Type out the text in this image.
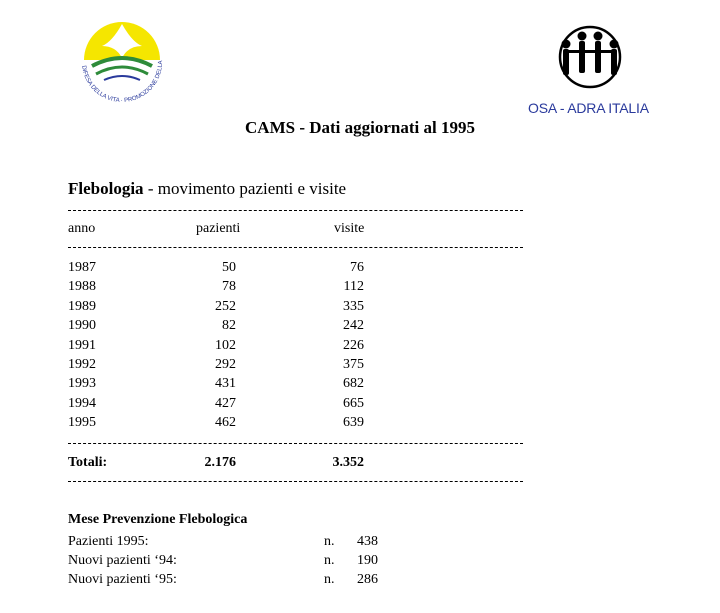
DIFESA DELLA VITA · PROMOZIONE DELLA
OSA - ADRA ITALIA
CAMS - Dati aggiornati al 1995
Flebologia - movimento pazienti e visite
anno	pazienti	visite
1987	50	76
1988	78	112
1989	252	335
1990	82	242
1991	102	226
1992	292	375
1993	431	682
1994	427	665
1995	462	639
Totali:	2.176	3.352
Mese Prevenzione Flebologica
Pazienti 1995:	n.	438
Nuovi pazienti ‘94:	n.	190
Nuovi pazienti ‘95:	n.	286
